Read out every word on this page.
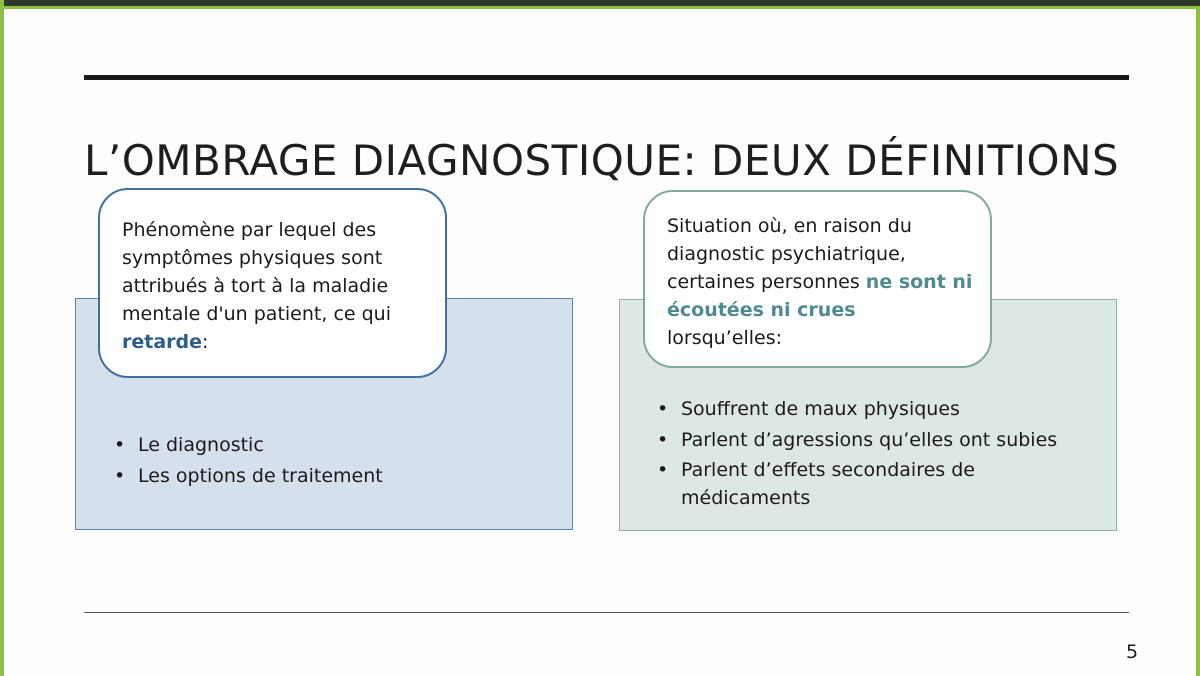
L’OMBRAGE DIAGNOSTIQUE: DEUX DÉFINITIONS
Phénomène par lequel des symptômes physiques sont attribués à tort à la maladie mentale d'un patient, ce qui retarde:
• Le diagnostic
• Les options de traitement
Situation où, en raison du diagnostic psychiatrique, certaines personnes ne sont ni écoutées ni crues lorsqu’elles:
• Souffrent de maux physiques
• Parlent d’agressions qu’elles ont subies
• Parlent d’effets secondaires de médicaments
5
